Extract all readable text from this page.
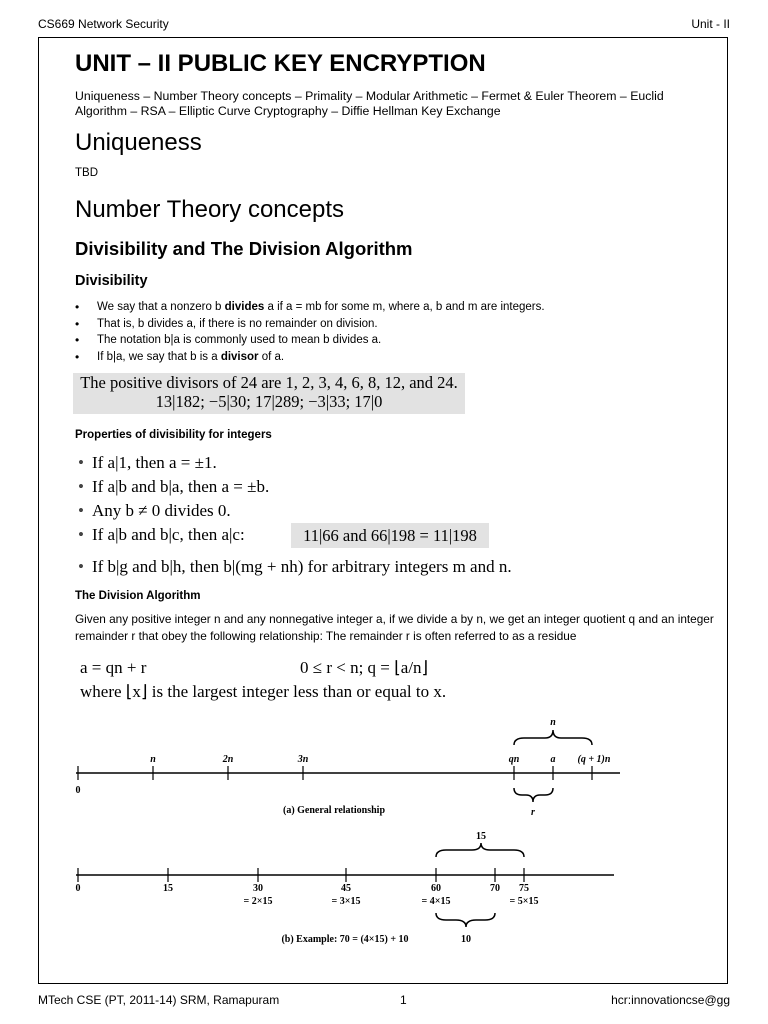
CS669 Network Security	Unit - II
UNIT – II PUBLIC KEY ENCRYPTION
Uniqueness – Number Theory concepts – Primality – Modular Arithmetic – Fermet & Euler Theorem – Euclid Algorithm – RSA – Elliptic Curve Cryptography – Diffie Hellman Key Exchange
Uniqueness
TBD
Number Theory concepts
Divisibility and The Division Algorithm
Divisibility
• We say that a nonzero b divides a if a = mb for some m, where a, b and m are integers.
• That is, b divides a, if there is no remainder on division.
• The notation b|a is commonly used to mean b divides a.
• If b|a, we say that b is a divisor of a.
The positive divisors of 24 are 1, 2, 3, 4, 6, 8, 12, and 24.
13|182; −5|30; 17|289; −3|33; 17|0
Properties of divisibility for integers
• If a|1, then a = ±1.
• If a|b and b|a, then a = ±b.
• Any b ≠ 0 divides 0.
• If a|b and b|c, then a|c:
• If b|g and b|h, then b|(mg + nh) for arbitrary integers m and n.
11|66 and 66|198 = 11|198
The Division Algorithm
Given any positive integer n and any nonnegative integer a, if we divide a by n, we get an integer quotient q and an integer remainder r that obey the following relationship: The remainder r is often referred to as a residue
a = qn + r	0 ≤ r < n; q = ⌊a/n⌋
where ⌊x⌋ is the largest integer less than or equal to x.
0
n	2n	3n	qn	a (q + 1)n
n
r
(a) General relationship
0	15	30	45	60	70 75
= 2×15	= 3×15	= 4×15	= 5×15
15
10
(b) Example: 70 = (4×15) + 10
MTech CSE (PT, 2011-14) SRM, Ramapuram	1	hcr:innovationcse@gg
